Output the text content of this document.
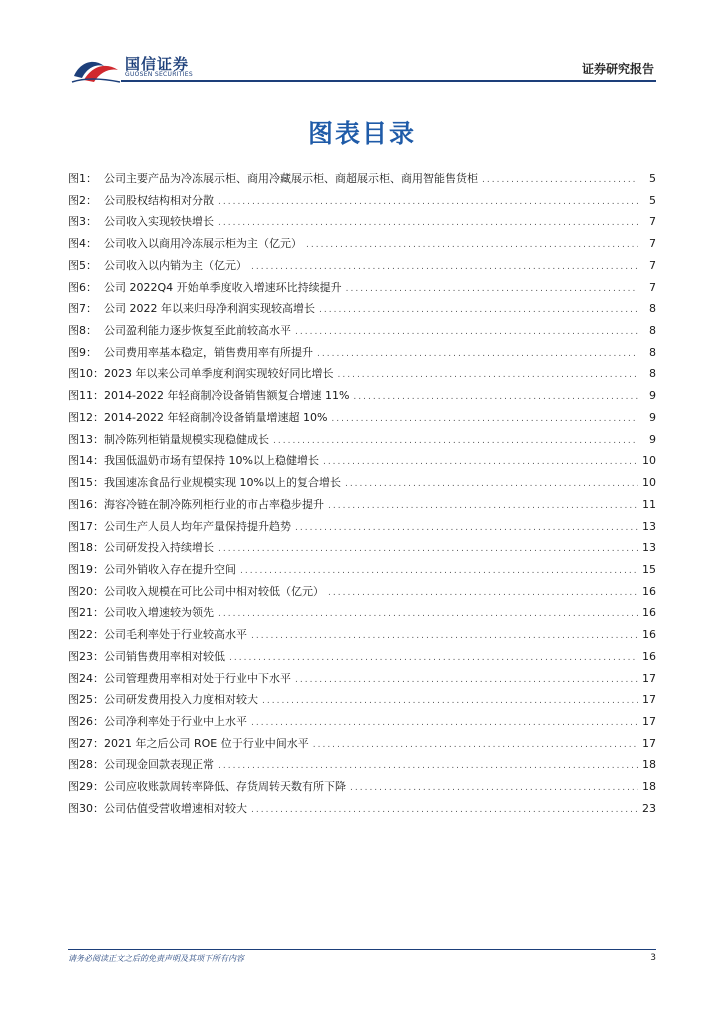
国信证券
GUOSEN SECURITIES	证券研究报告
图表目录
图1： 公司主要产品为冷冻展示柜、商用冷藏展示柜、商超展示柜、商用智能售货柜 .....	5
图2： 公司股权结构相对分散 .....	5
图3： 公司收入实现较快增长 .....	7
图4： 公司收入以商用冷冻展示柜为主（亿元） .....	7
图5： 公司收入以内销为主（亿元） .....	7
图6： 公司 2022Q4 开始单季度收入增速环比持续提升 .....	7
图7： 公司 2022 年以来归母净利润实现较高增长 .....	8
图8： 公司盈利能力逐步恢复至此前较高水平 .....	8
图9： 公司费用率基本稳定，销售费用率有所提升 .....	8
图10： 2023 年以来公司单季度利润实现较好同比增长 .....	8
图11： 2014-2022 年轻商制冷设备销售额复合增速 11% .....	9
图12： 2014-2022 年轻商制冷设备销量增速超 10% .....	9
图13： 制冷陈列柜销量规模实现稳健成长 .....	9
图14： 我国低温奶市场有望保持 10%以上稳健增长 .....	10
图15： 我国速冻食品行业规模实现 10%以上的复合增长 .....	10
图16： 海容冷链在制冷陈列柜行业的市占率稳步提升 .....	11
图17： 公司生产人员人均年产量保持提升趋势 .....	13
图18： 公司研发投入持续增长 .....	13
图19： 公司外销收入存在提升空间 .....	15
图20： 公司收入规模在可比公司中相对较低（亿元） .....	16
图21： 公司收入增速较为领先 .....	16
图22： 公司毛利率处于行业较高水平 .....	16
图23： 公司销售费用率相对较低 .....	16
图24： 公司管理费用率相对处于行业中下水平 .....	17
图25： 公司研发费用投入力度相对较大 .....	17
图26： 公司净利率处于行业中上水平 .....	17
图27： 2021 年之后公司 ROE 位于行业中间水平 .....	17
图28： 公司现金回款表现正常 .....	18
图29： 公司应收账款周转率降低、存货周转天数有所下降 .....	18
图30： 公司估值受营收增速相对较大 .....	23
请务必阅读正文之后的免责声明及其项下所有内容	3
